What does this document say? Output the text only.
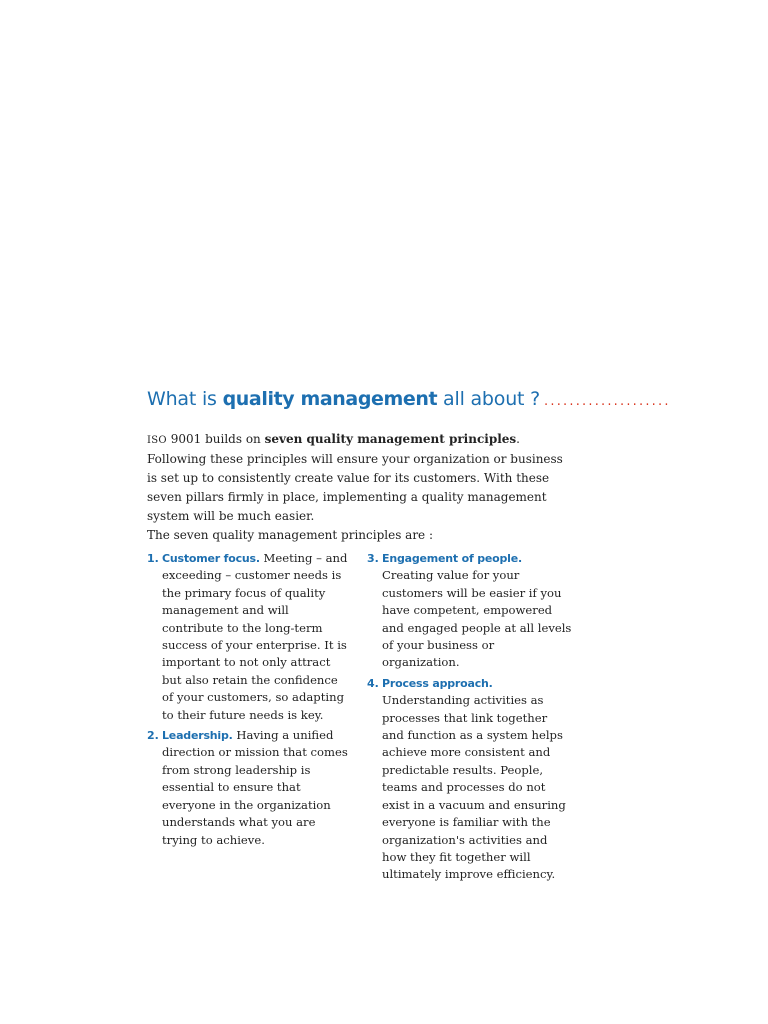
What is quality management all about ? ....................

ISO 9001 builds on seven quality management principles. Following these principles will ensure your organization or business is set up to consistently create value for its customers. With these seven pillars firmly in place, implementing a quality management system will be much easier.

The seven quality management principles are :

1. Customer focus. Meeting – and exceeding – customer needs is the primary focus of quality management and will contribute to the long-term success of your enterprise. It is important to not only attract but also retain the confidence of your customers, so adapting to their future needs is key.
2. Leadership. Having a unified direction or mission that comes from strong leadership is essential to ensure that everyone in the organization understands what you are trying to achieve.
3. Engagement of people. Creating value for your customers will be easier if you have competent, empowered and engaged people at all levels of your business or organization.
4. Process approach. Understanding activities as processes that link together and function as a system helps achieve more consistent and predictable results. People, teams and processes do not exist in a vacuum and ensuring everyone is familiar with the organization's activities and how they fit together will ultimately improve efficiency.
